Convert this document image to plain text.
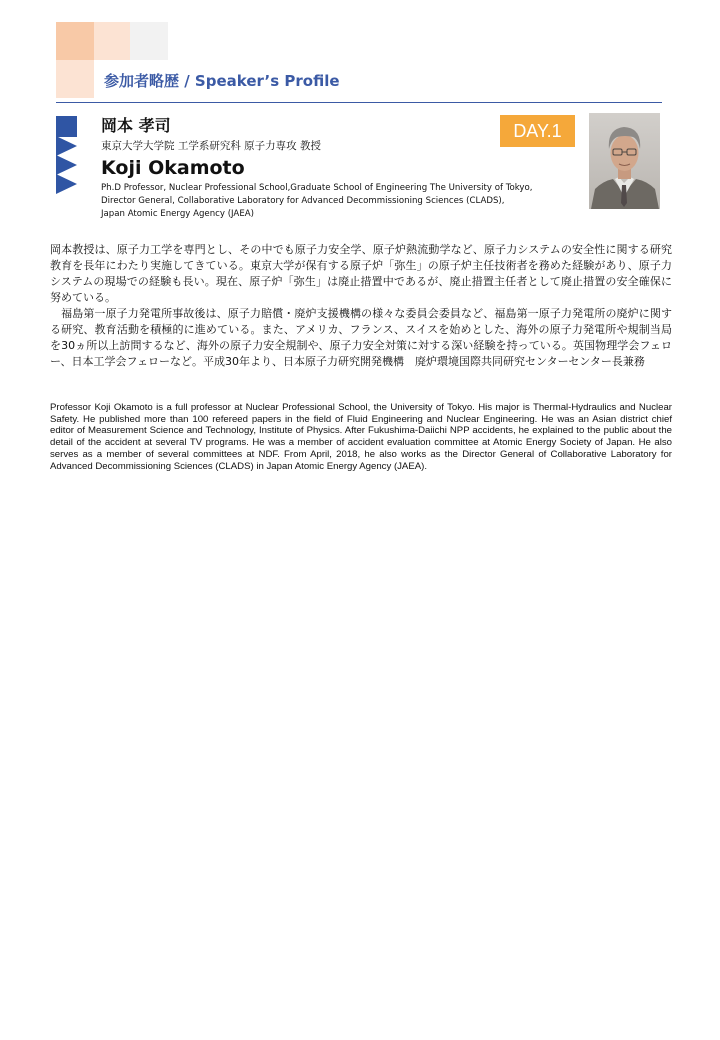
参加者略歴 / Speaker’s Profile
岡本 孝司
東京大学大学院 工学系研究科 原子力専攻 教授
Koji Okamoto
Ph.D Professor, Nuclear Professional School,Graduate School of Engineering The University of Tokyo,
Director General, Collaborative Laboratory for Advanced Decommissioning Sciences (CLADS),
Japan Atomic Energy Agency (JAEA)
DAY.1

岡本教授は、原子力工学を専門とし、その中でも原子力安全学、原子炉熱流動学など、原子力システムの安全性に関する研究教育を長年にわたり実施してきている。東京大学が保有する原子炉「弥生」の原子炉主任技術者を務めた経験があり、原子力システムの現場での経験も長い。現在、原子炉「弥生」は廃止措置中であるが、廃止措置主任者として廃止措置の安全確保に努めている。

　福島第一原子力発電所事故後は、原子力賠償・廃炉支援機構の様々な委員会委員など、福島第一原子力発電所の廃炉に関する研究、教育活動を積極的に進めている。また、アメリカ、フランス、スイスを始めとした、海外の原子力発電所や規制当局を30ヵ所以上訪問するなど、海外の原子力安全規制や、原子力安全対策に対する深い経験を持っている。英国物理学会フェロー、日本工学会フェローなど。平成30年より、日本原子力研究開発機構　廃炉環境国際共同研究センターセンター長兼務

Professor Koji Okamoto is a full professor at Nuclear Professional School, the University of Tokyo. His major is Thermal-Hydraulics and Nuclear Safety. He published more than 100 refereed papers in the field of Fluid Engineering and Nuclear Engineering. He was an Asian district chief editor of Measurement Science and Technology, Institute of Physics. After Fukushima-Daiichi NPP accidents, he explained to the public about the detail of the accident at several TV programs. He was a member of accident evaluation committee at Atomic Energy Society of Japan. He also serves as a member of several committees at NDF. From April, 2018, he also works as the Director General of Collaborative Laboratory for Advanced Decommissioning Sciences (CLADS) in Japan Atomic Energy Agency (JAEA).
